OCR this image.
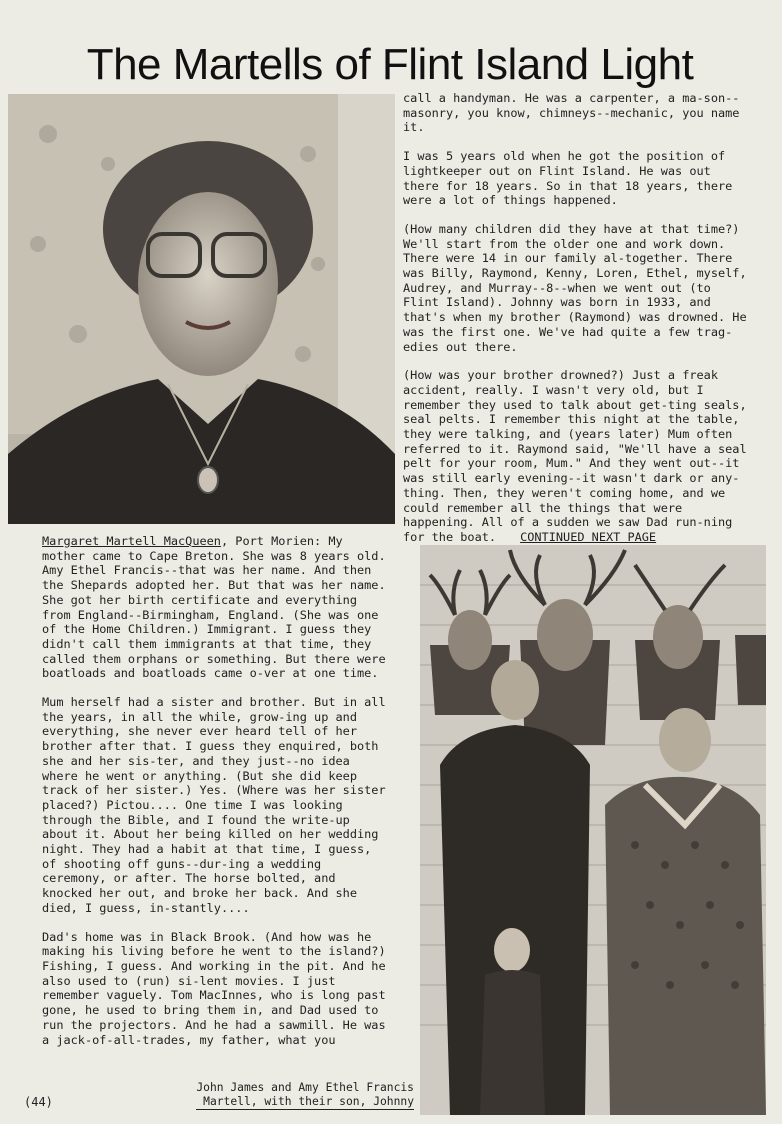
The Martells of Flint Island Light

Margaret Martell MacQueen, Port Morien: My mother came to Cape Breton. She was 8 years old. Amy Ethel Francis--that was her name. And then the Shepards adopted her. But that was her name. She got her birth certificate and everything from England--Birmingham, England. (She was one of the Home Children.) Immigrant. I guess they didn't call them immigrants at that time, they called them orphans or something. But there were boatloads and boatloads came o-ver at one time.

Mum herself had a sister and brother. But in all the years, in all the while, grow-ing up and everything, she never ever heard tell of her brother after that. I guess they enquired, both she and her sis-ter, and they just--no idea where he went or anything. (But she did keep track of her sister.) Yes. (Where was her sister placed?) Pictou.... One time I was looking through the Bible, and I found the write-up about it. About her being killed on her wedding night. They had a habit at that time, I guess, of shooting off guns--dur-ing a wedding ceremony, or after. The horse bolted, and knocked her out, and broke her back. And she died, I guess, in-stantly....

Dad's home was in Black Brook. (And how was he making his living before he went to the island?) Fishing, I guess. And working in the pit. And he also used to (run) si-lent movies. I just remember vaguely. Tom MacInnes, who is long past gone, he used to bring them in, and Dad used to run the projectors. And he had a sawmill. He was a jack-of-all-trades, my father, what you

call a handyman. He was a carpenter, a ma-son--masonry, you know, chimneys--mechanic, you name it.

I was 5 years old when he got the position of lightkeeper out on Flint Island. He was out there for 18 years. So in that 18 years, there were a lot of things happened.

(How many children did they have at that time?) We'll start from the older one and work down. There were 14 in our family al-together. There was Billy, Raymond, Kenny, Loren, Ethel, myself, Audrey, and Murray--8--when we went out (to Flint Island). Johnny was born in 1933, and that's when my brother (Raymond) was drowned. He was the first one. We've had quite a few trag-edies out there.

(How was your brother drowned?) Just a freak accident, really. I wasn't very old, but I remember they used to talk about get-ting seals, seal pelts. I remember this night at the table, they were talking, and (years later) Mum often referred to it. Raymond said, "We'll have a seal pelt for your room, Mum." And they went out--it was still early evening--it wasn't dark or any-thing. Then, they weren't coming home, and we could remember all the things that were happening. All of a sudden we saw Dad run-ning for the boat. CONTINUED NEXT PAGE

John James and Amy Ethel Francis
Martell, with their son, Johnny
(44)
